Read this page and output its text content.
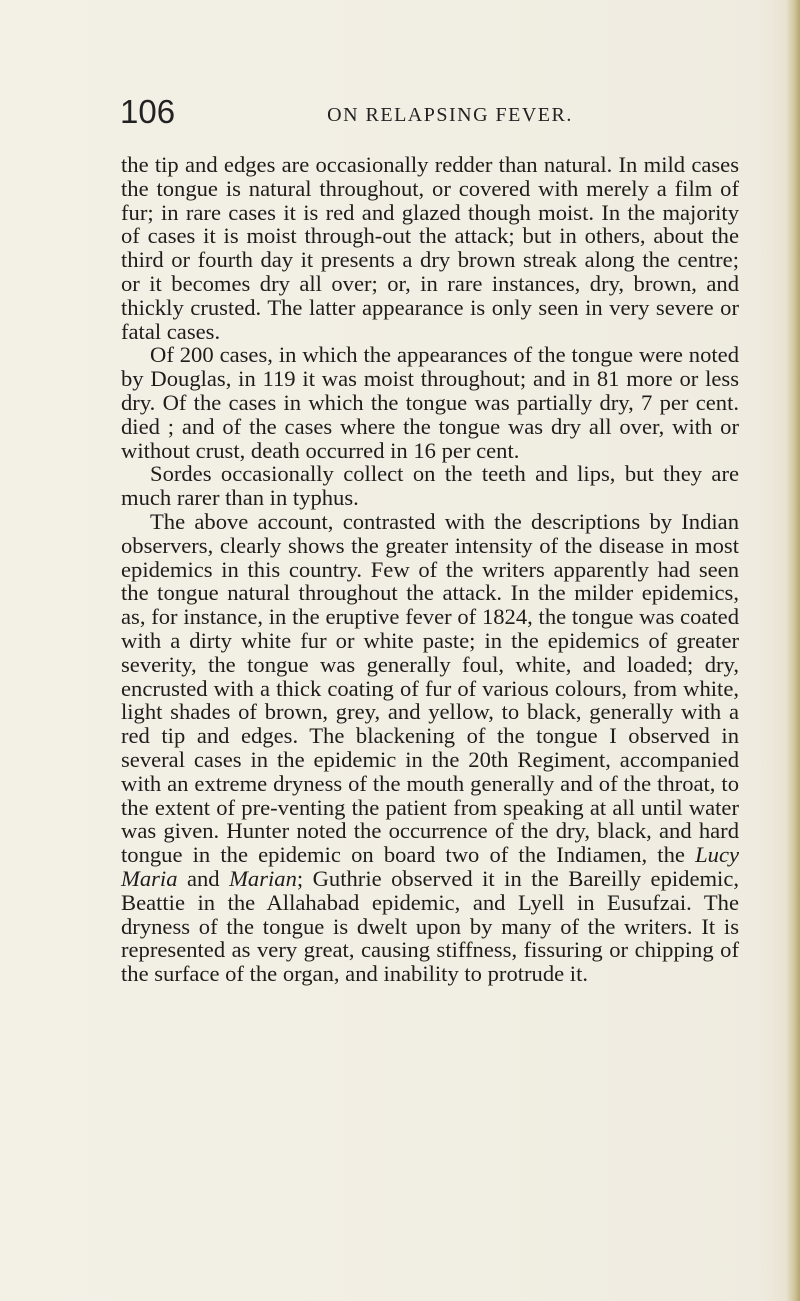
106	ON RELAPSING FEVER.

the tip and edges are occasionally redder than natural. In mild cases the tongue is natural throughout, or covered with merely a film of fur; in rare cases it is red and glazed though moist. In the majority of cases it is moist through-out the attack; but in others, about the third or fourth day it presents a dry brown streak along the centre; or it becomes dry all over; or, in rare instances, dry, brown, and thickly crusted. The latter appearance is only seen in very severe or fatal cases.

Of 200 cases, in which the appearances of the tongue were noted by Douglas, in 119 it was moist throughout; and in 81 more or less dry. Of the cases in which the tongue was partially dry, 7 per cent. died ; and of the cases where the tongue was dry all over, with or without crust, death occurred in 16 per cent.

Sordes occasionally collect on the teeth and lips, but they are much rarer than in typhus.

The above account, contrasted with the descriptions by Indian observers, clearly shows the greater intensity of the disease in most epidemics in this country. Few of the writers apparently had seen the tongue natural throughout the attack. In the milder epidemics, as, for instance, in the eruptive fever of 1824, the tongue was coated with a dirty white fur or white paste; in the epidemics of greater severity, the tongue was generally foul, white, and loaded; dry, encrusted with a thick coating of fur of various colours, from white, light shades of brown, grey, and yellow, to black, generally with a red tip and edges. The blackening of the tongue I observed in several cases in the epidemic in the 20th Regiment, accompanied with an extreme dryness of the mouth generally and of the throat, to the extent of pre-venting the patient from speaking at all until water was given. Hunter noted the occurrence of the dry, black, and hard tongue in the epidemic on board two of the Indiamen, the Lucy Maria and Marian; Guthrie observed it in the Bareilly epidemic, Beattie in the Allahabad epidemic, and Lyell in Eusufzai. The dryness of the tongue is dwelt upon by many of the writers. It is represented as very great, causing stiffness, fissuring or chipping of the surface of the organ, and inability to protrude it.
